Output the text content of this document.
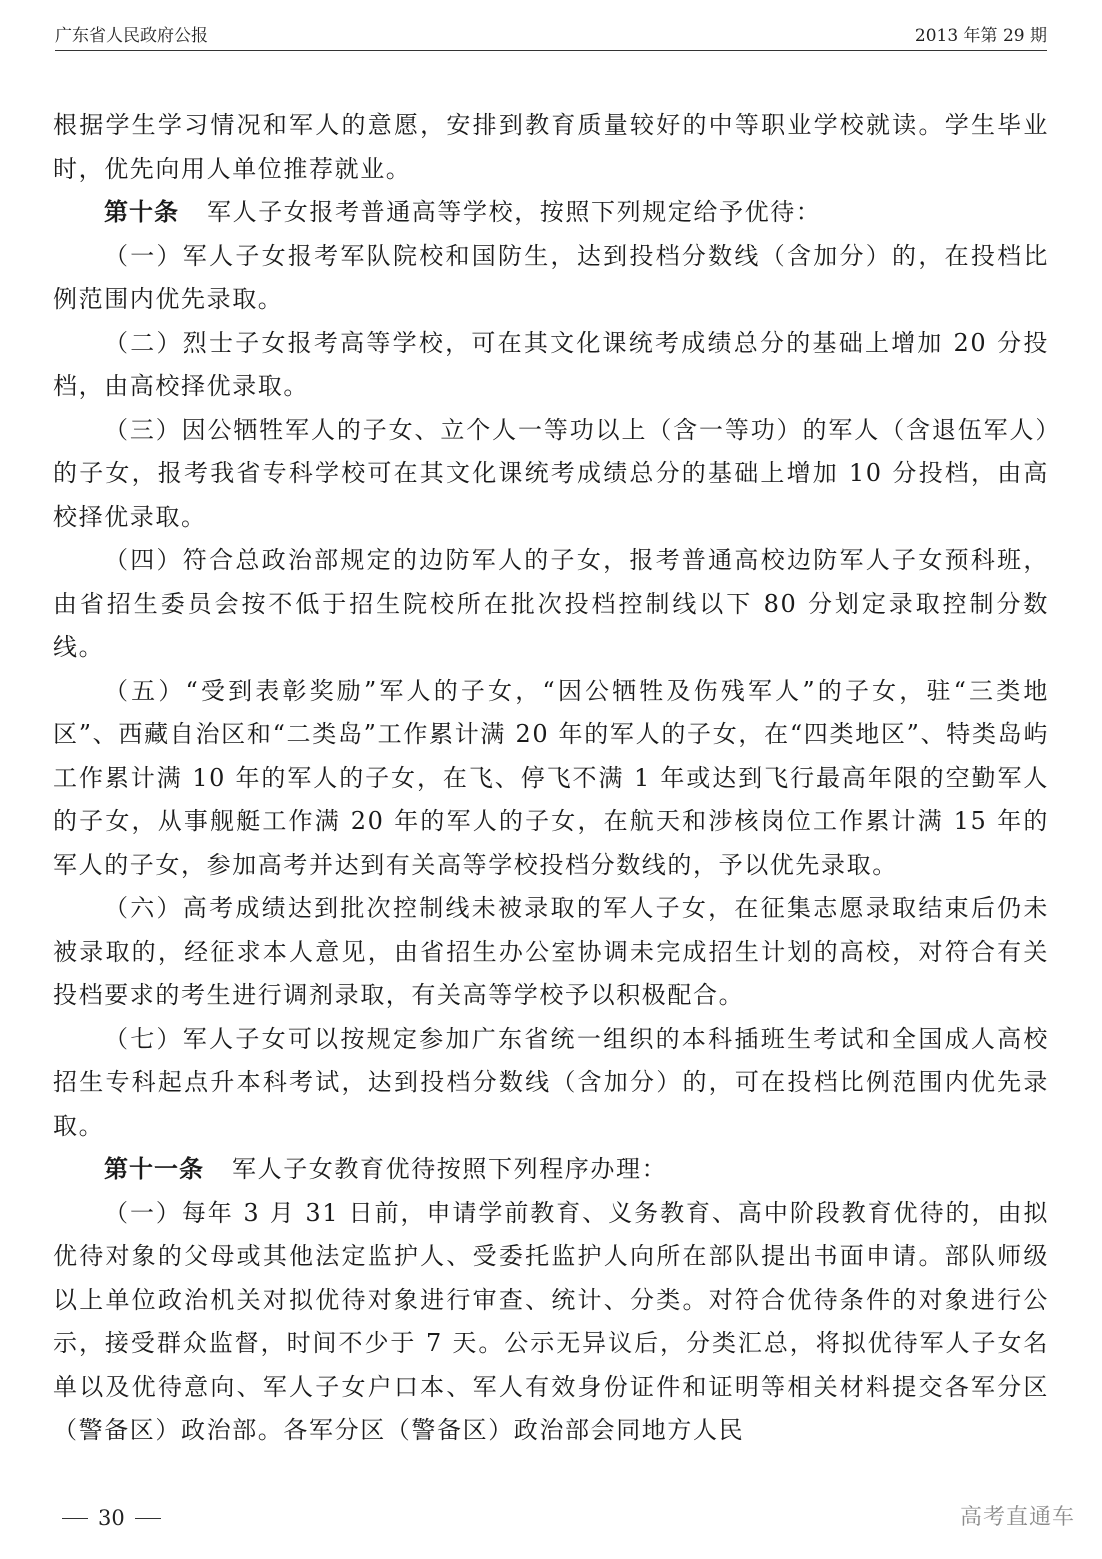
广东省人民政府公报	2013 年第 29 期

根据学生学习情况和军人的意愿，安排到教育质量较好的中等职业学校就读。学生毕业时，优先向用人单位推荐就业。

第十条 军人子女报考普通高等学校，按照下列规定给予优待：

（一）军人子女报考军队院校和国防生，达到投档分数线（含加分）的，在投档比例范围内优先录取。

（二）烈士子女报考高等学校，可在其文化课统考成绩总分的基础上增加 20 分投档，由高校择优录取。

（三）因公牺牲军人的子女、立个人一等功以上（含一等功）的军人（含退伍军人）的子女，报考我省专科学校可在其文化课统考成绩总分的基础上增加 10 分投档，由高校择优录取。

（四）符合总政治部规定的边防军人的子女，报考普通高校边防军人子女预科班，由省招生委员会按不低于招生院校所在批次投档控制线以下 80 分划定录取控制分数线。

（五）“受到表彰奖励”军人的子女，“因公牺牲及伤残军人”的子女，驻“三类地区”、西藏自治区和“二类岛”工作累计满 20 年的军人的子女，在“四类地区”、特类岛屿工作累计满 10 年的军人的子女，在飞、停飞不满 1 年或达到飞行最高年限的空勤军人的子女，从事舰艇工作满 20 年的军人的子女，在航天和涉核岗位工作累计满 15 年的军人的子女，参加高考并达到有关高等学校投档分数线的，予以优先录取。

（六）高考成绩达到批次控制线未被录取的军人子女，在征集志愿录取结束后仍未被录取的，经征求本人意见，由省招生办公室协调未完成招生计划的高校，对符合有关投档要求的考生进行调剂录取，有关高等学校予以积极配合。

（七）军人子女可以按规定参加广东省统一组织的本科插班生考试和全国成人高校招生专科起点升本科考试，达到投档分数线（含加分）的，可在投档比例范围内优先录取。

第十一条 军人子女教育优待按照下列程序办理：

（一）每年 3 月 31 日前，申请学前教育、义务教育、高中阶段教育优待的，由拟优待对象的父母或其他法定监护人、受委托监护人向所在部队提出书面申请。部队师级以上单位政治机关对拟优待对象进行审查、统计、分类。对符合优待条件的对象进行公示，接受群众监督，时间不少于 7 天。公示无异议后，分类汇总，将拟优待军人子女名单以及优待意向、军人子女户口本、军人有效身份证件和证明等相关材料提交各军分区（警备区）政治部。各军分区（警备区）政治部会同地方人民

30	高考直通车
